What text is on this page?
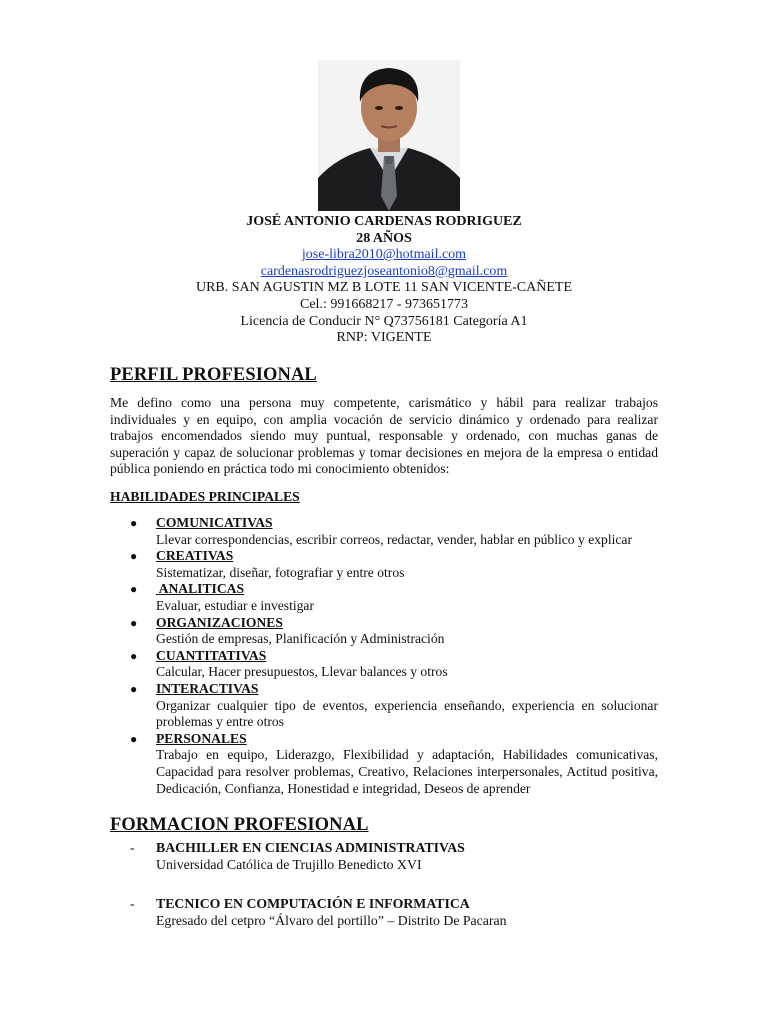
JOSÉ ANTONIO CARDENAS RODRIGUEZ
28 AÑOS
jose-libra2010@hotmail.com
cardenasrodriguezjoseantonio8@gmail.com
URB. SAN AGUSTIN MZ B LOTE 11 SAN VICENTE-CAÑETE
Cel.: 991668217 - 973651773
Licencia de Conducir N° Q73756181 Categoría A1
RNP: VIGENTE
PERFIL PROFESIONAL
Me defino como una persona muy competente, carismático y hábil para realizar trabajos individuales y en equipo, con amplia vocación de servicio dinámico y ordenado para realizar trabajos encomendados siendo muy puntual, responsable y ordenado, con muchas ganas de superación y capaz de solucionar problemas y tomar decisiones en mejora de la empresa o entidad pública poniendo en práctica todo mi conocimiento obtenidos:
HABILIDADES PRINCIPALES
● COMUNICATIVAS
Llevar correspondencias, escribir correos, redactar, vender, hablar en público y explicar
● CREATIVAS
Sistematizar, diseñar, fotografiar y entre otros
● ANALITICAS
Evaluar, estudiar e investigar
● ORGANIZACIONES
Gestión de empresas, Planificación y Administración
● CUANTITATIVAS
Calcular, Hacer presupuestos, Llevar balances y otros
● INTERACTIVAS
Organizar cualquier tipo de eventos, experiencia enseñando, experiencia en solucionar problemas y entre otros
● PERSONALES
Trabajo en equipo, Liderazgo, Flexibilidad y adaptación, Habilidades comunicativas, Capacidad para resolver problemas, Creativo, Relaciones interpersonales, Actitud positiva, Dedicación, Confianza, Honestidad e integridad, Deseos de aprender
FORMACION PROFESIONAL
- BACHILLER EN CIENCIAS ADMINISTRATIVAS
Universidad Católica de Trujillo Benedicto XVI
- TECNICO EN COMPUTACIÓN E INFORMATICA
Egresado del cetpro “Álvaro del portillo” – Distrito De Pacaran
